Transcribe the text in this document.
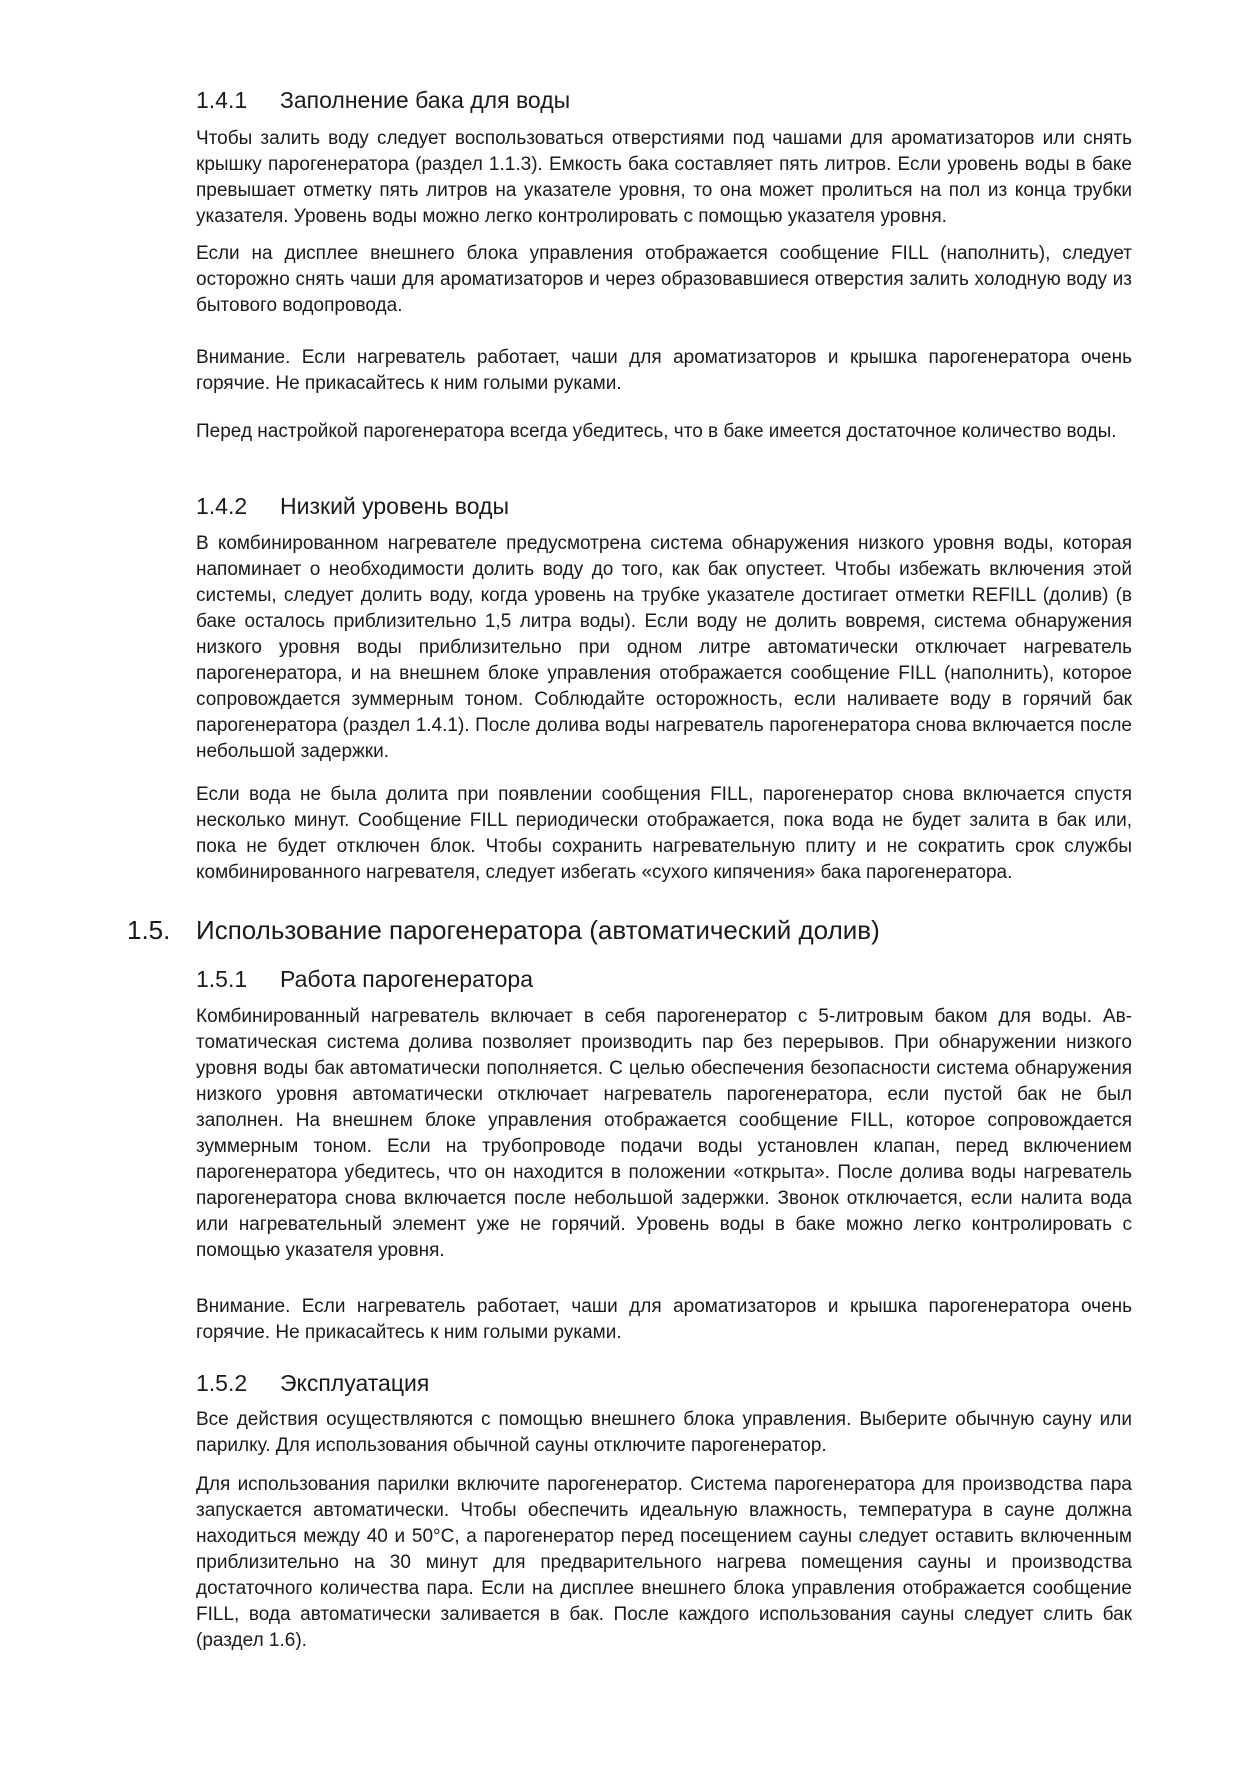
1.4.1 Заполнение бака для воды

Чтобы залить воду следует воспользоваться отверстиями под чашами для ароматизаторов или снять крышку парогенератора (раздел 1.1.3). Емкость бака составляет пять литров. Если уровень воды в баке превышает отметку пять литров на указателе уровня, то она может пролиться на пол из конца трубки указателя. Уровень воды можно легко контролировать с помощью указателя уровня.

Если на дисплее внешнего блока управления отображается сообщение FILL (наполнить), следует осторожно снять чаши для ароматизаторов и через образовавшиеся отверстия залить холодную воду из бытового водопровода.

Внимание. Если нагреватель работает, чаши для ароматизаторов и крышка парогенератора очень горячие. Не прикасайтесь к ним голыми руками.

Перед настройкой парогенератора всегда убедитесь, что в баке имеется достаточное количество воды.

1.4.2 Низкий уровень воды

В комбинированном нагревателе предусмотрена система обнаружения низкого уровня воды, которая напоминает о необходимости долить воду до того, как бак опустеет. Чтобы избежать включения этой системы, следует долить воду, когда уровень на трубке указателе достигает отметки REFILL (долив) (в баке осталось приблизительно 1,5 литра воды). Если воду не долить вовремя, система обнаружения низкого уровня воды приблизительно при одном литре автоматически отключает нагреватель парогенератора, и на внешнем блоке управления отображается сообщение FILL (наполнить), которое сопровождается зуммерным тоном. Соблюдайте осторожность, если наливаете воду в горячий бак парогенератора (раздел 1.4.1). После долива воды нагреватель парогенератора снова включается после небольшой задержки.

Если вода не была долита при появлении сообщения FILL, парогенератор снова включается спустя несколько минут. Сообщение FILL периодически отображается, пока вода не будет залита в бак или, пока не будет отключен блок. Чтобы сохранить нагревательную плиту и не сократить срок службы комбинированного нагревателя, следует избегать «сухого кипячения» бака парогенератора.

1.5. Использование парогенератора (автоматический долив)
1.5.1 Работа парогенератора

Комбинированный нагреватель включает в себя парогенератор с 5-литровым баком для воды. Автоматическая система долива позволяет производить пар без перерывов. При обнаружении низкого уровня воды бак автоматически пополняется. С целью обеспечения безопасности система обнаружения низкого уровня автоматически отключает нагреватель парогенератора, если пустой бак не был заполнен. На внешнем блоке управления отображается сообщение FILL, которое сопровождается зуммерным тоном. Если на трубопроводе подачи воды установлен клапан, перед включением парогенератора убедитесь, что он находится в положении «открыта». После долива воды нагреватель парогенератора снова включается после небольшой задержки. Звонок отключается, если налита вода или нагревательный элемент уже не горячий. Уровень воды в баке можно легко контролировать с помощью указателя уровня.

Внимание. Если нагреватель работает, чаши для ароматизаторов и крышка парогенератора очень горячие. Не прикасайтесь к ним голыми руками.

1.5.2 Эксплуатация

Все действия осуществляются с помощью внешнего блока управления. Выберите обычную сауну или парилку. Для использования обычной сауны отключите парогенератор.

Для использования парилки включите парогенератор. Система парогенератора для производства пара запускается автоматически. Чтобы обеспечить идеальную влажность, температура в сауне должна находиться между 40 и 50°С, а парогенератор перед посещением сауны следует оставить включенным приблизительно на 30 минут для предварительного нагрева помещения сауны и производства достаточного количества пара. Если на дисплее внешнего блока управления отображается сообщение FILL, вода автоматически заливается в бак. После каждого использования сауны следует слить бак (раздел 1.6).
